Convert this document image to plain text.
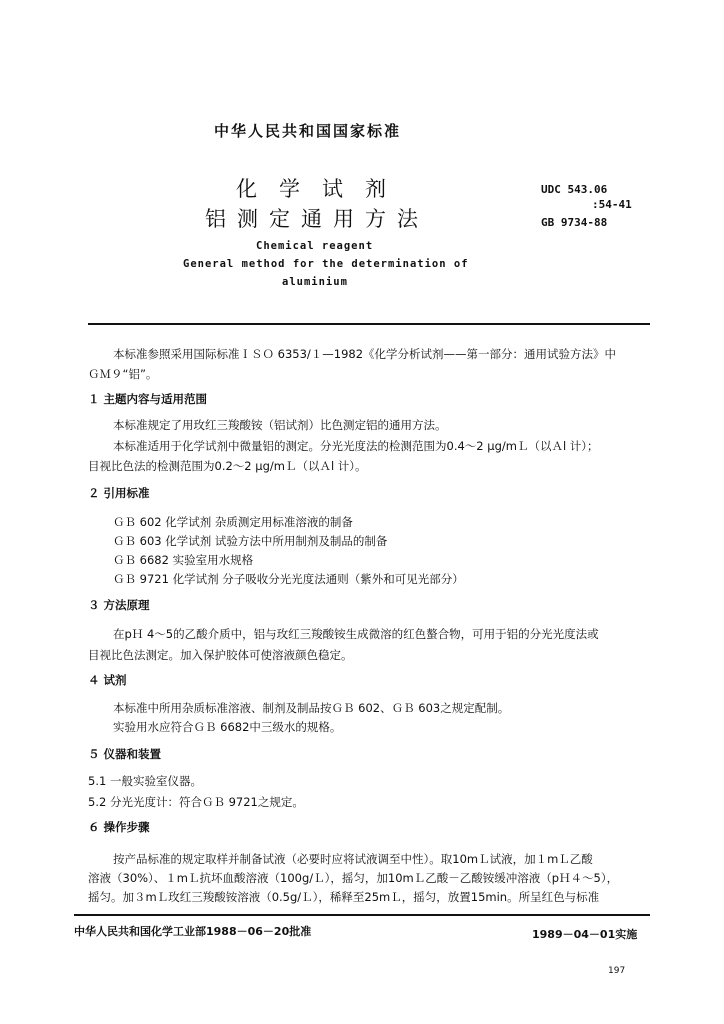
中华人民共和国国家标准
化学试剂
铝测定通用方法
UDC 543.06
:54-41
GB 9734-88
Chemical reagent
General method for the determination of
aluminium
本标准参照采用国际标准ＩＳＯ 6353/１—1982《化学分析试剂——第一部分：通用试验方法》中
ＧＭ９“铝”。
１ 主题内容与适用范围
本标准规定了用玫红三羧酸铵（铝试剂）比色测定铝的通用方法。
本标准适用于化学试剂中微量铝的测定。分光光度法的检测范围为0.4～2 μg/mＬ（以Ａl 计）；
目视比色法的检测范围为0.2～2 μg/mＬ（以Ａl 计）。
２ 引用标准
ＧＢ 602 化学试剂 杂质测定用标准溶液的制备
ＧＢ 603 化学试剂 试验方法中所用制剂及制品的制备
ＧＢ 6682 实验室用水规格
ＧＢ 9721 化学试剂 分子吸收分光光度法通则（紫外和可见光部分）
３ 方法原理
在pＨ 4～5的乙酸介质中，铝与玫红三羧酸铵生成微溶的红色螯合物，可用于铝的分光光度法或
目视比色法测定。加入保护胶体可使溶液颜色稳定。
４ 试剂
本标准中所用杂质标准溶液、制剂及制品按ＧＢ 602、ＧＢ 603之规定配制。
实验用水应符合ＧＢ 6682中三级水的规格。
５ 仪器和装置
5.1 一般实验室仪器。
5.2 分光光度计：符合ＧＢ 9721之规定。
６ 操作步骤
按产品标准的规定取样并制备试液（必要时应将试液调至中性）。取10mＬ试液，加１mＬ乙酸
溶液（30%）、１mＬ抗坏血酸溶液（100g/Ｌ），摇匀，加10mＬ乙酸－乙酸铵缓冲溶液（pＨ４～5），
摇匀。加３mＬ玫红三羧酸铵溶液（0.5g/Ｌ），稀释至25mＬ，摇匀，放置15min。所呈红色与标准
中华人民共和国化学工业部1988－06－20批准	1989－04－01实施
197
